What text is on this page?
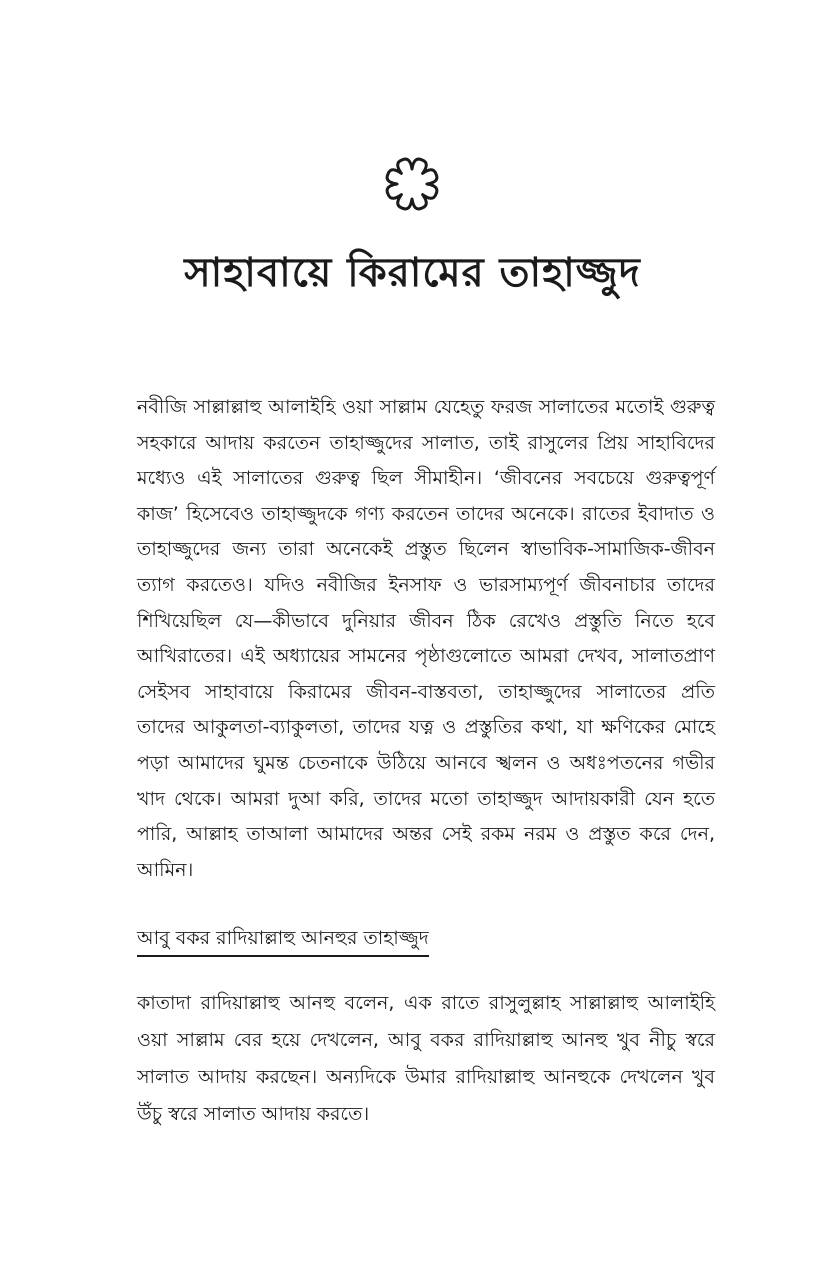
সাহাবায়ে কিরামের তাহাজ্জুদ

নবীজি সাল্লাল্লাহু আলাইহি ওয়া সাল্লাম যেহেতু ফরজ সালাতের মতোই গুরুত্ব সহকারে আদায় করতেন তাহাজ্জুদের সালাত, তাই রাসুলের প্রিয় সাহাবিদের মধ্যেও এই সালাতের গুরুত্ব ছিল সীমাহীন। ‘জীবনের সবচেয়ে গুরুত্বপূর্ণ কাজ’ হিসেবেও তাহাজ্জুদকে গণ্য করতেন তাদের অনেকে। রাতের ইবাদাত ও তাহাজ্জুদের জন্য তারা অনেকেই প্রস্তুত ছিলেন স্বাভাবিক-সামাজিক-জীবন ত্যাগ করতেও। যদিও নবীজির ইনসাফ ও ভারসাম্যপূর্ণ জীবনাচার তাদের শিখিয়েছিল যে—কীভাবে দুনিয়ার জীবন ঠিক রেখেও প্রস্তুতি নিতে হবে আখিরাতের। এই অধ্যায়ের সামনের পৃষ্ঠাগুলোতে আমরা দেখব, সালাতপ্রাণ সেইসব সাহাবায়ে কিরামের জীবন-বাস্তবতা, তাহাজ্জুদের সালাতের প্রতি তাদের আকুলতা-ব্যাকুলতা, তাদের যত্ন ও প্রস্তুতির কথা, যা ক্ষণিকের মোহে পড়া আমাদের ঘুমন্ত চেতনাকে উঠিয়ে আনবে স্খলন ও অধঃপতনের গভীর খাদ থেকে। আমরা দুআ করি, তাদের মতো তাহাজ্জুদ আদায়কারী যেন হতে পারি, আল্লাহ তাআলা আমাদের অন্তর সেই রকম নরম ও প্রস্তুত করে দেন, আমিন।

আবু বকর রাদিয়াল্লাহু আনহুর তাহাজ্জুদ

কাতাদা রাদিয়াল্লাহু আনহু বলেন, এক রাতে রাসুলুল্লাহ সাল্লাল্লাহু আলাইহি ওয়া সাল্লাম বের হয়ে দেখলেন, আবু বকর রাদিয়াল্লাহু আনহু খুব নীচু স্বরে সালাত আদায় করছেন। অন্যদিকে উমার রাদিয়াল্লাহু আনহুকে দেখলেন খুব উঁচু স্বরে সালাত আদায় করতে।
